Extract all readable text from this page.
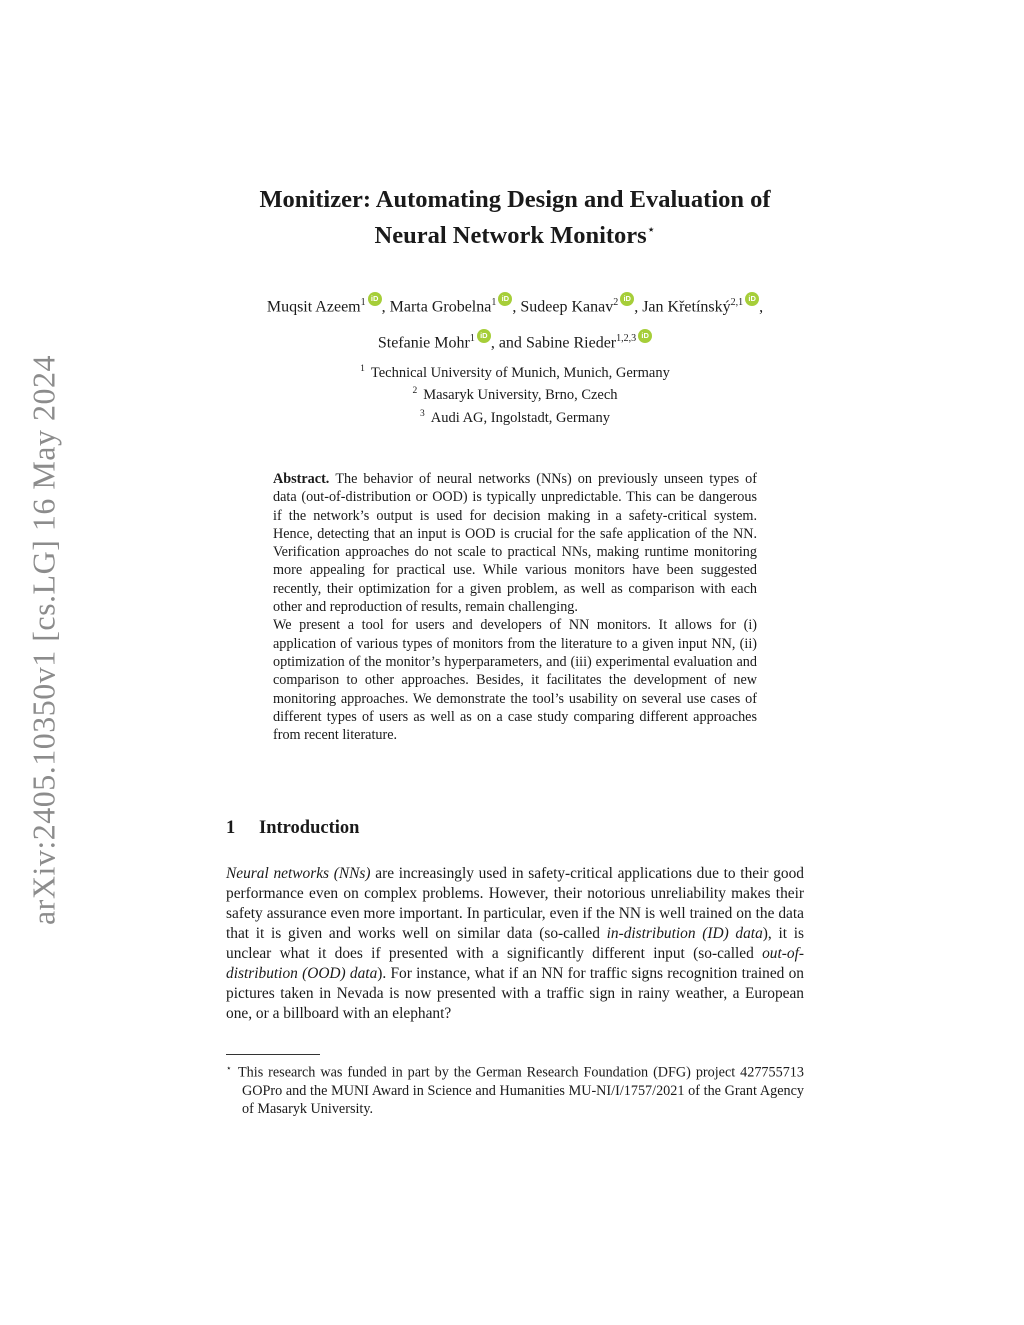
arXiv:2405.10350v1 [cs.LG] 16 May 2024
Monitizer: Automating Design and Evaluation of
Neural Network Monitors⋆
Muqsit Azeem$^1$ iD , Marta Grobelna$^1$ iD , Sudeep Kanav$^2$ iD , Jan Křetínský$^{2,1}$ iD ,
Stefanie Mohr$^1$ iD , and Sabine Rieder$^{1,2,3}$ iD
$^1$ Technical University of Munich, Munich, Germany
$^2$ Masaryk University, Brno, Czech
$^3$ Audi AG, Ingolstadt, Germany

Abstract. The behavior of neural networks (NNs) on previously unseen types of data (out-of-distribution or OOD) is typically unpredictable. This can be dangerous if the network’s output is used for decision making in a safety-critical system. Hence, detecting that an input is OOD is crucial for the safe application of the NN. Verification approaches do not scale to practical NNs, making runtime monitoring more appealing for practical use. While various monitors have been suggested recently, their optimization for a given problem, as well as comparison with each other and reproduction of results, remain challenging.

We present a tool for users and developers of NN monitors. It allows for (i) application of various types of monitors from the literature to a given input NN, (ii) optimization of the monitor’s hyperparameters, and (iii) experimental evaluation and comparison to other approaches. Besides, it facilitates the development of new monitoring approaches. We demonstrate the tool’s usability on several use cases of different types of users as well as on a case study comparing different approaches from recent literature.

1 Introduction

Neural networks (NNs) are increasingly used in safety-critical applications due to their good performance even on complex problems. However, their notorious unreliability makes their safety assurance even more important. In particular, even if the NN is well trained on the data that it is given and works well on similar data (so-called in-distribution (ID) data), it is unclear what it does if presented with a significantly different input (so-called out-of-distribution (OOD) data). For instance, what if an NN for traffic signs recognition trained on pictures taken in Nevada is now presented with a traffic sign in rainy weather, a European one, or a billboard with an elephant?

⋆ This research was funded in part by the German Research Foundation (DFG) project 427755713 GOPro and the MUNI Award in Science and Humanities MU-NI/I/1757/2021 of the Grant Agency of Masaryk University.
